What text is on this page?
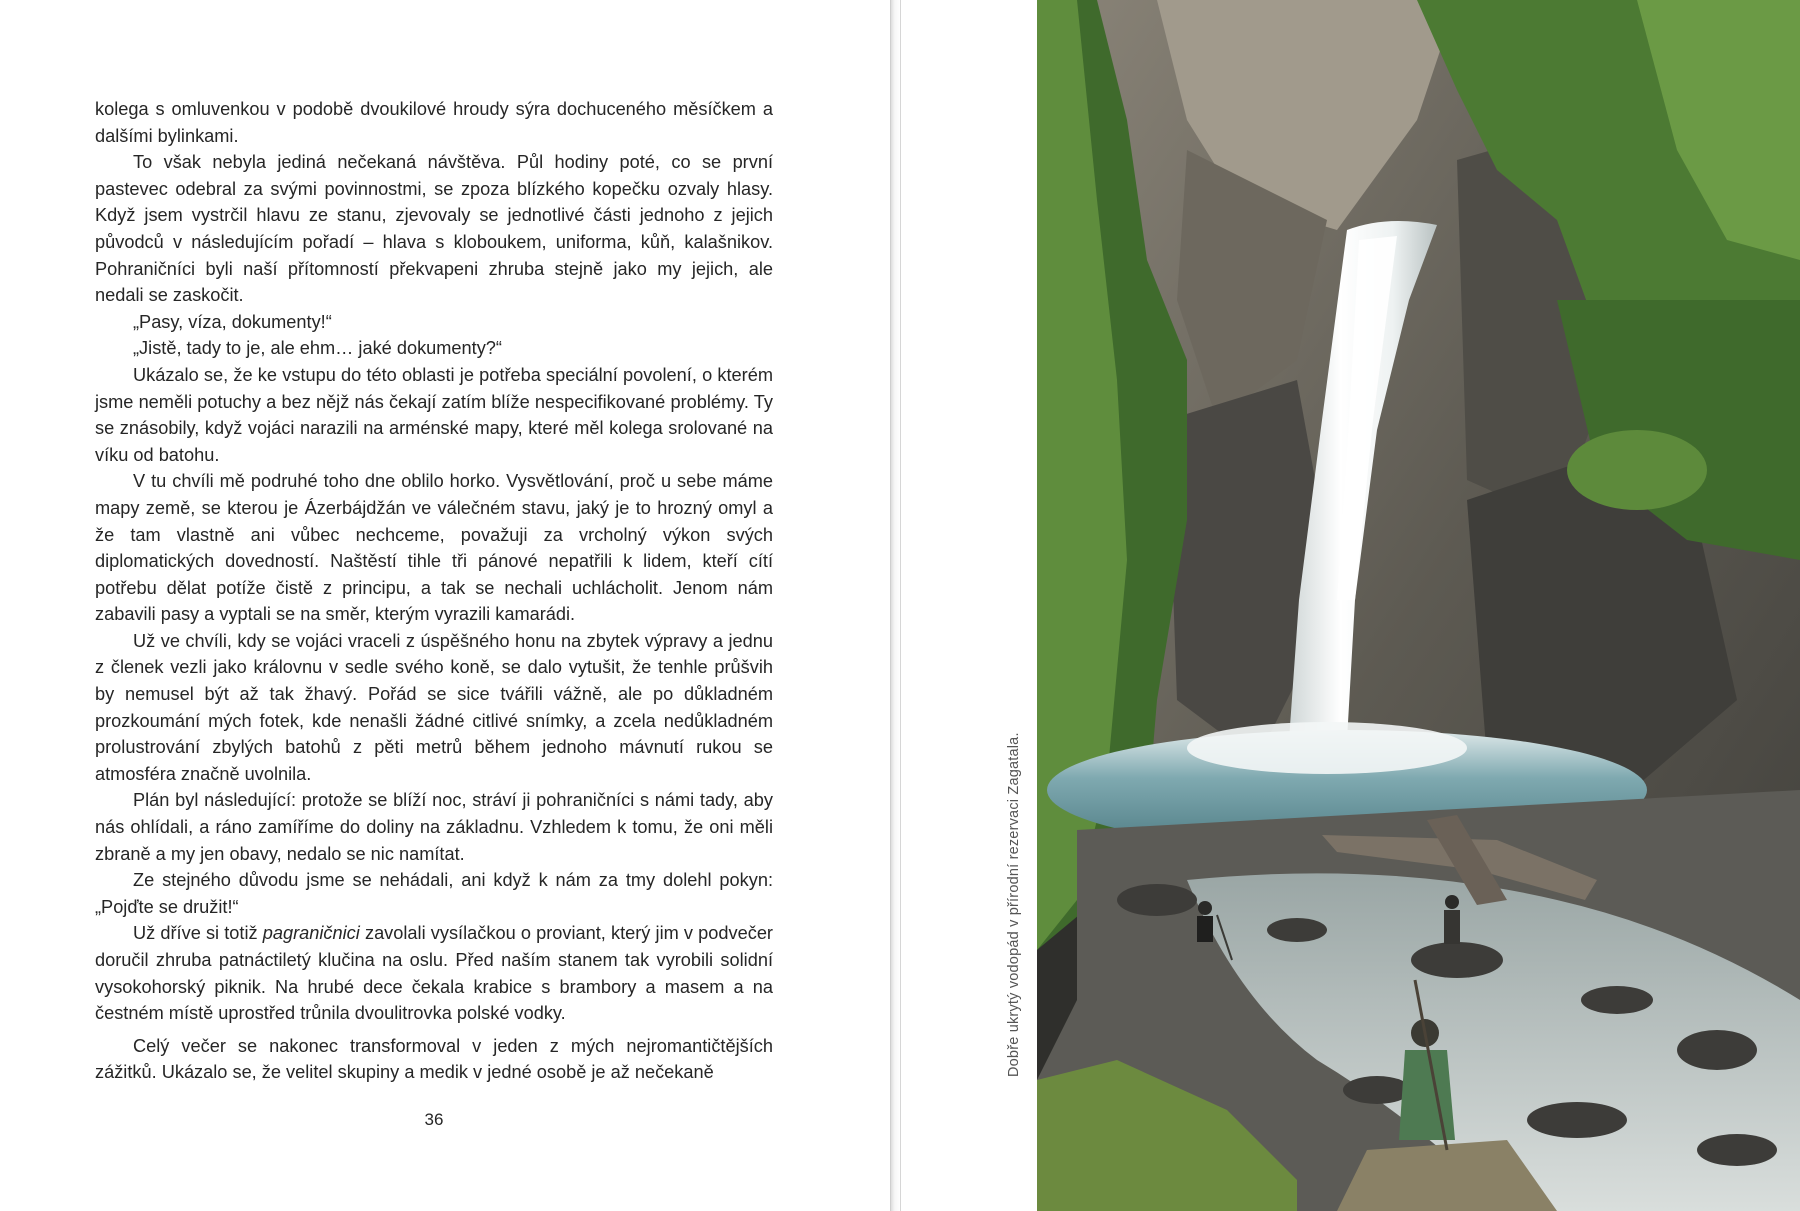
kolega s omluvenkou v podobě dvoukilové hroudy sýra dochuceného měsíčkem a dalšími bylinkami.

To však nebyla jediná nečekaná návštěva. Půl hodiny poté, co se první pastevec odebral za svými povinnostmi, se zpoza blízkého kopečku ozvaly hlasy. Když jsem vystrčil hlavu ze stanu, zjevovaly se jednotlivé části jednoho z jejich původců v následujícím pořadí – hlava s kloboukem, uniforma, kůň, kalašnikov. Pohraničníci byli naší přítomností překvapeni zhruba stejně jako my jejich, ale nedali se zaskočit.

„Pasy, víza, dokumenty!“

„Jistě, tady to je, ale ehm… jaké dokumenty?“

Ukázalo se, že ke vstupu do této oblasti je potřeba speciální povolení, o kterém jsme neměli potuchy a bez nějž nás čekají zatím blíže nespecifikované problémy. Ty se znásobily, když vojáci narazili na arménské mapy, které měl kolega srolované na víku od batohu.

V tu chvíli mě podruhé toho dne oblilo horko. Vysvětlování, proč u sebe máme mapy země, se kterou je Ázerbájdžán ve válečném stavu, jaký je to hrozný omyl a že tam vlastně ani vůbec nechceme, považuji za vrcholný výkon svých diplomatických dovedností. Naštěstí tihle tři pánové nepatřili k lidem, kteří cítí potřebu dělat potíže čistě z principu, a tak se nechali uchlácholit. Jenom nám zabavili pasy a vyptali se na směr, kterým vyrazili kamarádi.

Už ve chvíli, kdy se vojáci vraceli z úspěšného honu na zbytek výpravy a jednu z členek vezli jako královnu v sedle svého koně, se dalo vytušit, že tenhle průšvih by nemusel být až tak žhavý. Pořád se sice tvářili vážně, ale po důkladném prozkoumání mých fotek, kde nenašli žádné citlivé snímky, a zcela nedůkladném prolustrování zbylých batohů z pěti metrů během jednoho mávnutí rukou se atmosféra značně uvolnila.

Plán byl následující: protože se blíží noc, stráví ji pohraničníci s námi tady, aby nás ohlídali, a ráno zamíříme do doliny na základnu. Vzhledem k tomu, že oni měli zbraně a my jen obavy, nedalo se nic namítat.

Ze stejného důvodu jsme se nehádali, ani když k nám za tmy dolehl pokyn: „Pojďte se družit!“

Už dříve si totiž pagraničnici zavolali vysílačkou o proviant, který jim v podvečer doručil zhruba patnáctiletý klučina na oslu. Před naším stanem tak vyrobili solidní vysokohorský piknik. Na hrubé dece čekala krabice s brambory a masem a na čestném místě uprostřed trůnila dvoulitrovka polské vodky.

Celý večer se nakonec transformoval v jeden z mých nejromantičtějších zážitků. Ukázalo se, že velitel skupiny a medik v jedné osobě je až nečekaně

36
Dobře ukrytý vodopád v přírodní rezervaci Zagatala.
